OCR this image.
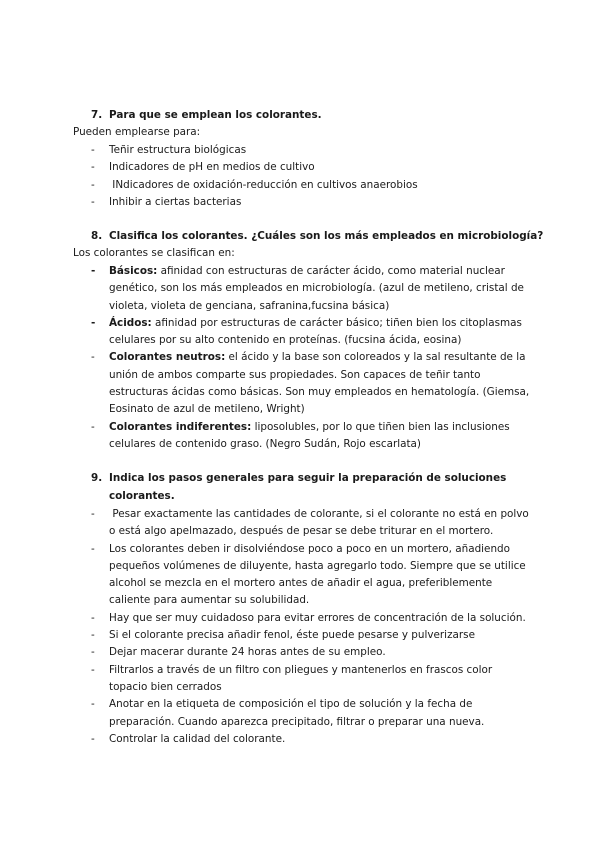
7. Para que se emplean los colorantes.
Pueden emplearse para:
-	Teñir estructura biológicas
-	Indicadores de pH en medios de cultivo
-	INdicadores de oxidación-reducción en cultivos anaerobios
-	Inhibir a ciertas bacterias
8. Clasifica los colorantes. ¿Cuáles son los más empleados en microbiología?
Los colorantes se clasifican en:
-	Básicos: afinidad con estructuras de carácter ácido, como material nuclear genético, son los más empleados en microbiología. (azul de metileno, cristal de violeta, violeta de genciana, safranina,fucsina básica)
-	Ácidos: afinidad por estructuras de carácter básico; tiñen bien los citoplasmas celulares por su alto contenido en proteínas. (fucsina ácida, eosina)
-	Colorantes neutros: el ácido y la base son coloreados y la sal resultante de la unión de ambos comparte sus propiedades. Son capaces de teñir tanto estructuras ácidas como básicas. Son muy empleados en hematología. (Giemsa, Eosinato de azul de metileno, Wright)
-	Colorantes indiferentes: liposolubles, por lo que tiñen bien las inclusiones celulares de contenido graso. (Negro Sudán, Rojo escarlata)
9. Indica los pasos generales para seguir la preparación de soluciones colorantes.
-	Pesar exactamente las cantidades de colorante, si el colorante no está en polvo o está algo apelmazado, después de pesar se debe triturar en el mortero.
-	Los colorantes deben ir disolviéndose poco a poco en un mortero, añadiendo pequeños volúmenes de diluyente, hasta agregarlo todo. Siempre que se utilice alcohol se mezcla en el mortero antes de añadir el agua, preferiblemente caliente para aumentar su solubilidad.
-	Hay que ser muy cuidadoso para evitar errores de concentración de la solución.
-	Si el colorante precisa añadir fenol, éste puede pesarse y pulverizarse
-	Dejar macerar durante 24 horas antes de su empleo.
-	Filtrarlos a través de un filtro con pliegues y mantenerlos en frascos color topacio bien cerrados
-	Anotar en la etiqueta de composición el tipo de solución y la fecha de preparación. Cuando aparezca precipitado, filtrar o preparar una nueva.
-	Controlar la calidad del colorante.
